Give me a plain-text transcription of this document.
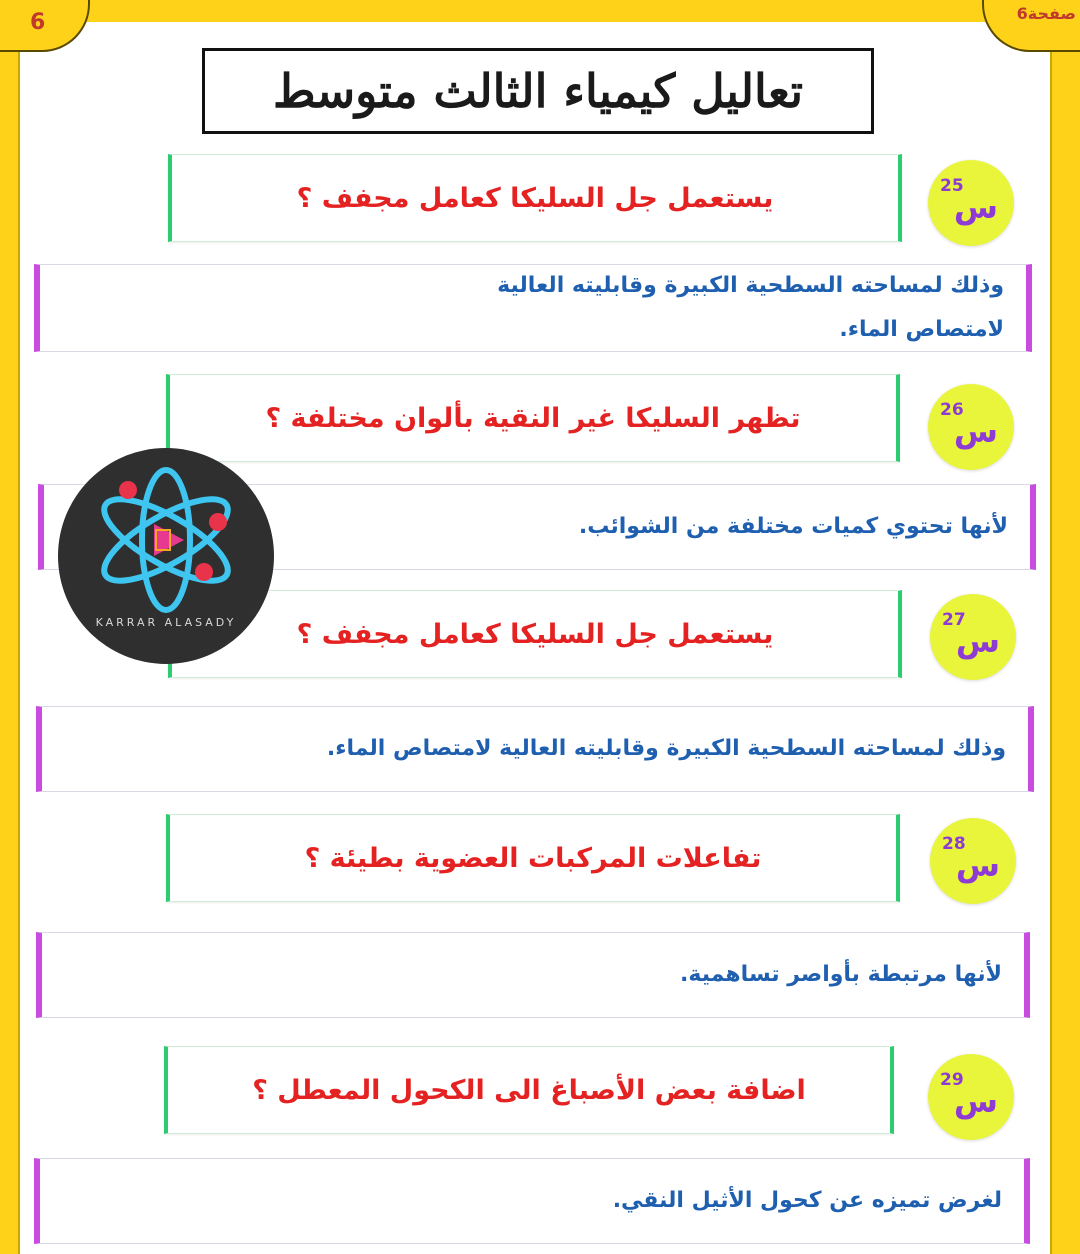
6	صفحة6
تعاليل كيمياء الثالث متوسط
يستعمل جل السليكا كعامل مجفف ؟	25
س
وذلك لمساحته السطحية الكبيرة وقابليته العالية لامتصاص الماء.
تظهر السليكا غير النقية بألوان مختلفة ؟	26
س
لأنها تحتوي كميات مختلفة من الشوائب.
يستعمل جل السليكا كعامل مجفف ؟	27
س
وذلك لمساحته السطحية الكبيرة وقابليته العالية لامتصاص الماء.
تفاعلات المركبات العضوية بطيئة ؟	28
س
لأنها مرتبطة بأواصر تساهمية.
اضافة بعض الأصباغ الى الكحول المعطل ؟	29
س
لغرض تميزه عن كحول الأثيل النقي.
KARRAR ALASADY
